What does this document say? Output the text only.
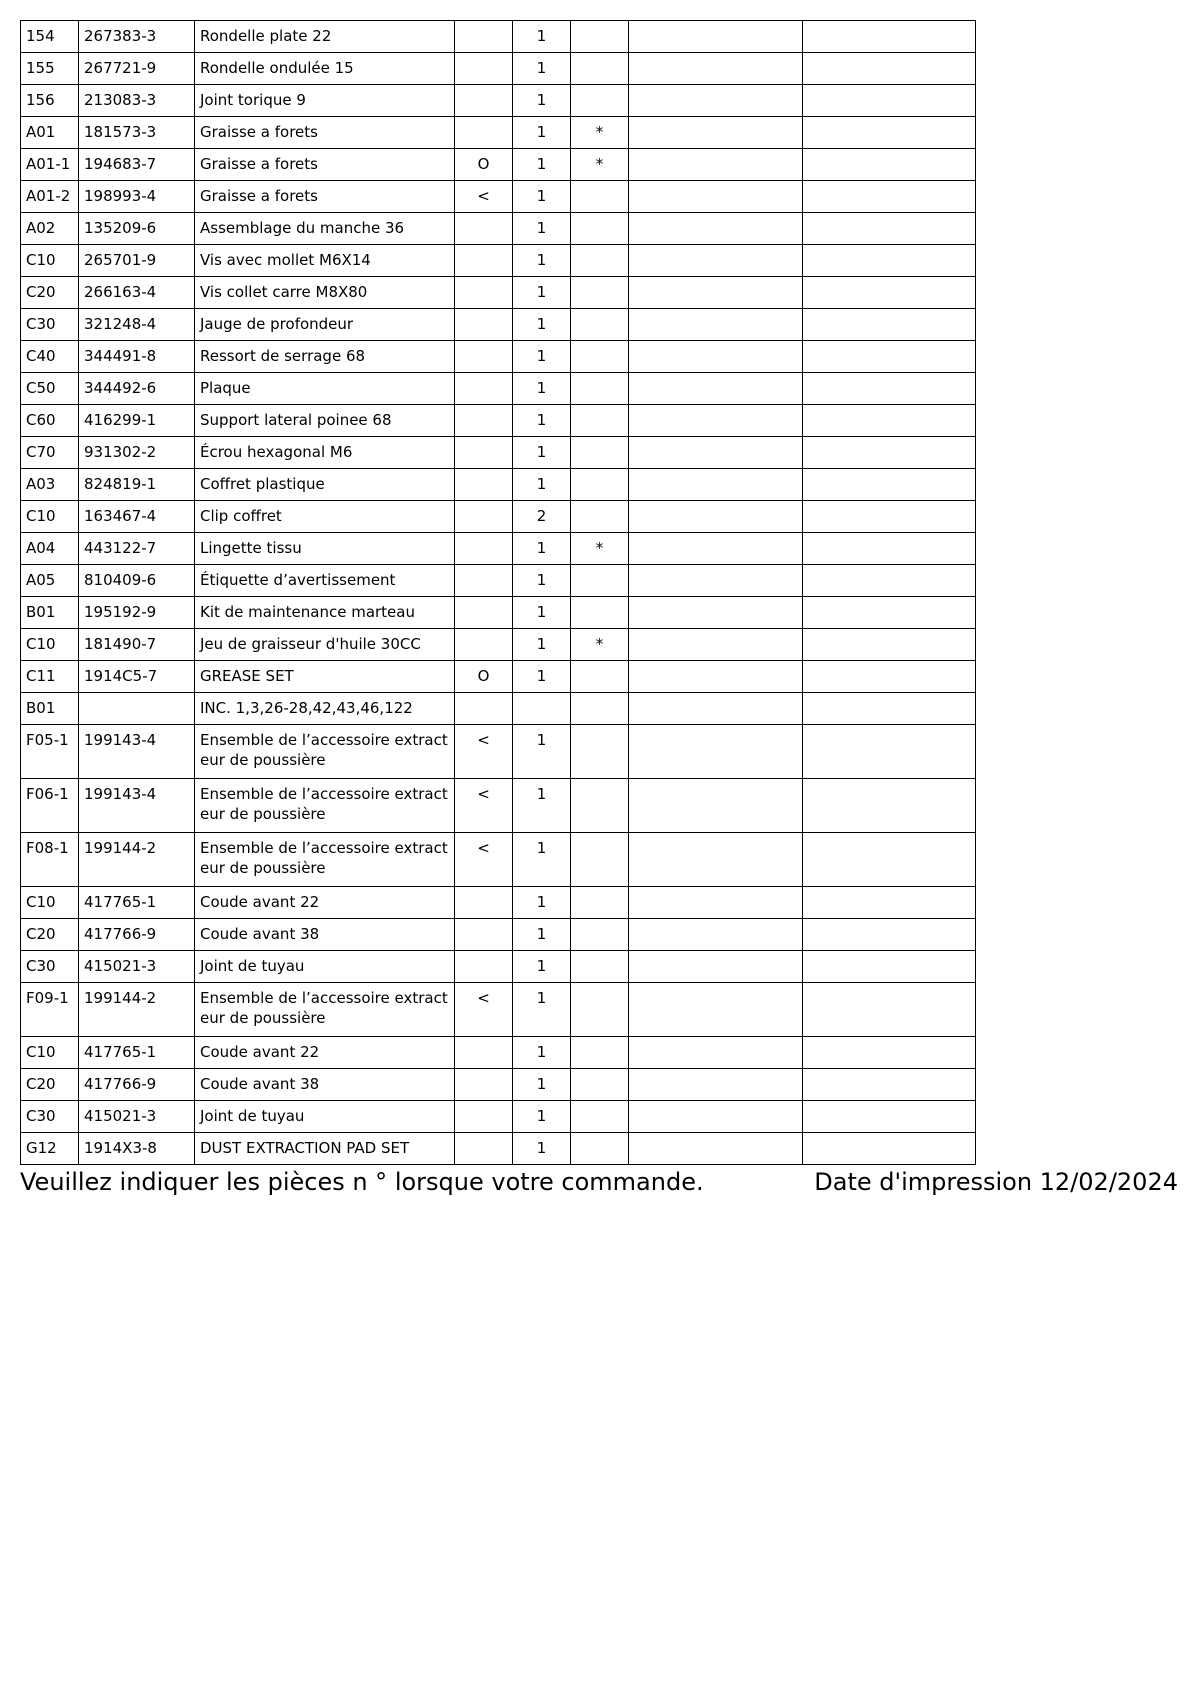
154	267383-3	Rondelle plate 22		1			
155	267721-9	Rondelle ondulée 15		1			
156	213083-3	Joint torique 9		1			
A01	181573-3	Graisse a forets		1	*		
A01-1	194683-7	Graisse a forets	O	1	*		
A01-2	198993-4	Graisse a forets	<	1			
A02	135209-6	Assemblage du manche 36		1			
C10	265701-9	Vis avec mollet M6X14		1			
C20	266163-4	Vis collet carre M8X80		1			
C30	321248-4	Jauge de profondeur		1			
C40	344491-8	Ressort de serrage 68		1			
C50	344492-6	Plaque		1			
C60	416299-1	Support lateral poinee 68		1			
C70	931302-2	Écrou hexagonal M6		1			
A03	824819-1	Coffret plastique		1			
C10	163467-4	Clip coffret		2			
A04	443122-7	Lingette tissu		1	*		
A05	810409-6	Étiquette d’avertissement		1			
B01	195192-9	Kit de maintenance marteau		1			
C10	181490-7	Jeu de graisseur d'huile 30CC		1	*		
C11	1914C5-7	GREASE SET	O	1			
B01		INC. 1,3,26-28,42,43,46,122					
F05-1	199143-4	Ensemble de l’accessoire extracteur de poussière	<	1			
F06-1	199143-4	Ensemble de l’accessoire extracteur de poussière	<	1			
F08-1	199144-2	Ensemble de l’accessoire extracteur de poussière	<	1			
C10	417765-1	Coude avant 22		1			
C20	417766-9	Coude avant 38		1			
C30	415021-3	Joint de tuyau		1			
F09-1	199144-2	Ensemble de l’accessoire extracteur de poussière	<	1			
C10	417765-1	Coude avant 22		1			
C20	417766-9	Coude avant 38		1			
C30	415021-3	Joint de tuyau		1			
G12	1914X3-8	DUST EXTRACTION PAD SET		1			
Veuillez indiquer les pièces n ° lorsque votre commande.	Date d'impression 12/02/2024
